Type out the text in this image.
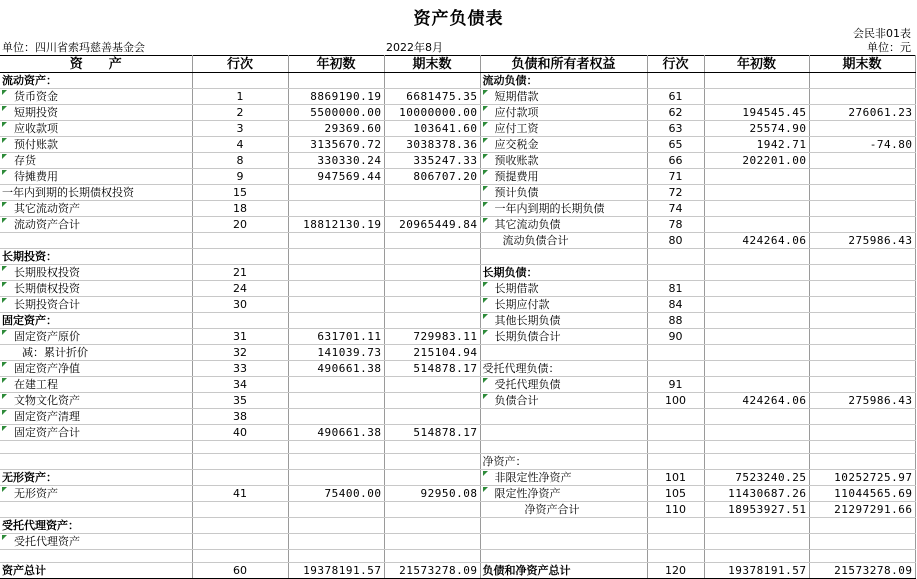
资产负债表
会民非01表
单位：四川省索玛慈善基金会	2022年8月	单位：元
资　　产	行次	年初数	期末数	负债和所有者权益	行次	年初数	期末数
流动资产：				流动负债：			
货币资金	1	8869190.19	6681475.35	短期借款	61		
短期投资	2	5500000.00	10000000.00	应付款项	62	194545.45	276061.23
应收款项	3	29369.60	103641.60	应付工资	63	25574.90	
预付账款	4	3135670.72	3038378.36	应交税金	65	1942.71	-74.80
存货	8	330330.24	335247.33	预收账款	66	202201.00	
待摊费用	9	947569.44	806707.20	预提费用	71		
一年内到期的长期债权投资	15			预计负债	72		
其它流动资产	18			一年内到期的长期负债	74		
流动资产合计	20	18812130.19	20965449.84	其它流动负债	78		
				流动负债合计	80	424264.06	275986.43
长期投资：							
长期股权投资	21			长期负债：			
长期债权投资	24			长期借款	81		
长期投资合计	30			长期应付款	84		
固定资产：				其他长期负债	88		
固定资产原价	31	631701.11	729983.11	长期负债合计	90		
减：累计折价	32	141039.73	215104.94				
固定资产净值	33	490661.38	514878.17	受托代理负债：			
在建工程	34			受托代理负债	91		
文物文化资产	35			负债合计	100	424264.06	275986.43
固定资产清理	38						
固定资产合计	40	490661.38	514878.17				

				净资产：			
无形资产：				非限定性净资产	101	7523240.25	10252725.97
无形资产	41	75400.00	92950.08	限定性净资产	105	11430687.26	11044565.69
				净资产合计	110	18953927.51	21297291.66
受托代理资产：							
受托代理资产							

资产总计	60	19378191.57	21573278.09	负债和净资产总计	120	19378191.57	21573278.09
